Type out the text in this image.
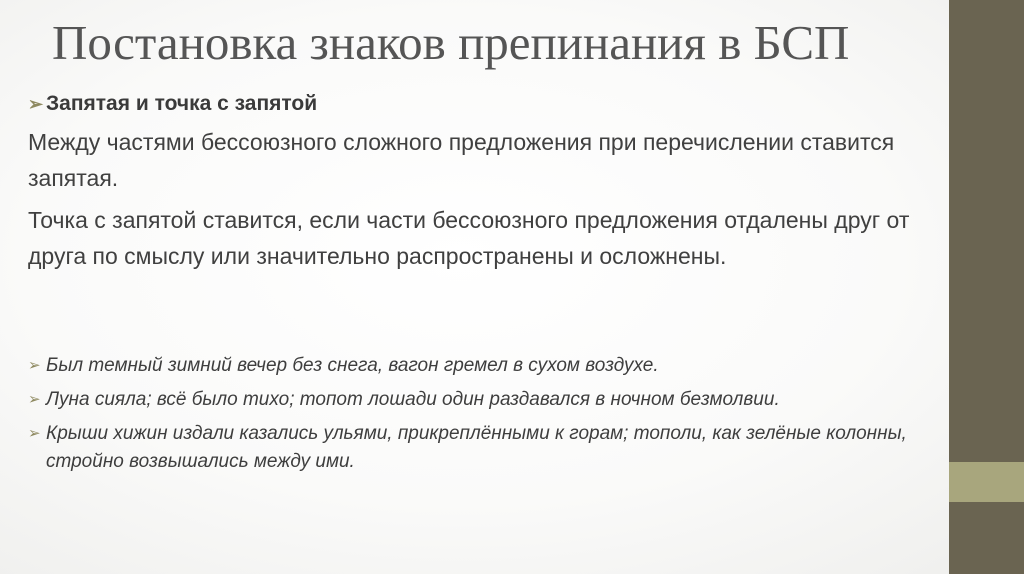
Постановка знаков препинания в БСП
➢ Запятая и точка с запятой

Между частями бессоюзного сложного предложения при перечислении ставится запятая.

Точка с запятой ставится, если части бессоюзного предложения отдалены друг от друга по смыслу или значительно распространены и осложнены.

➢ Был темный зимний вечер без снега, вагон гремел в сухом воздухе.
➢ Луна сияла; всё было тихо; топот лошади один раздавался в ночном безмолвии.
➢ Крыши хижин издали казались ульями, прикреплёнными к горам; тополи, как зелёные колонны, стройно возвышались между ими.
